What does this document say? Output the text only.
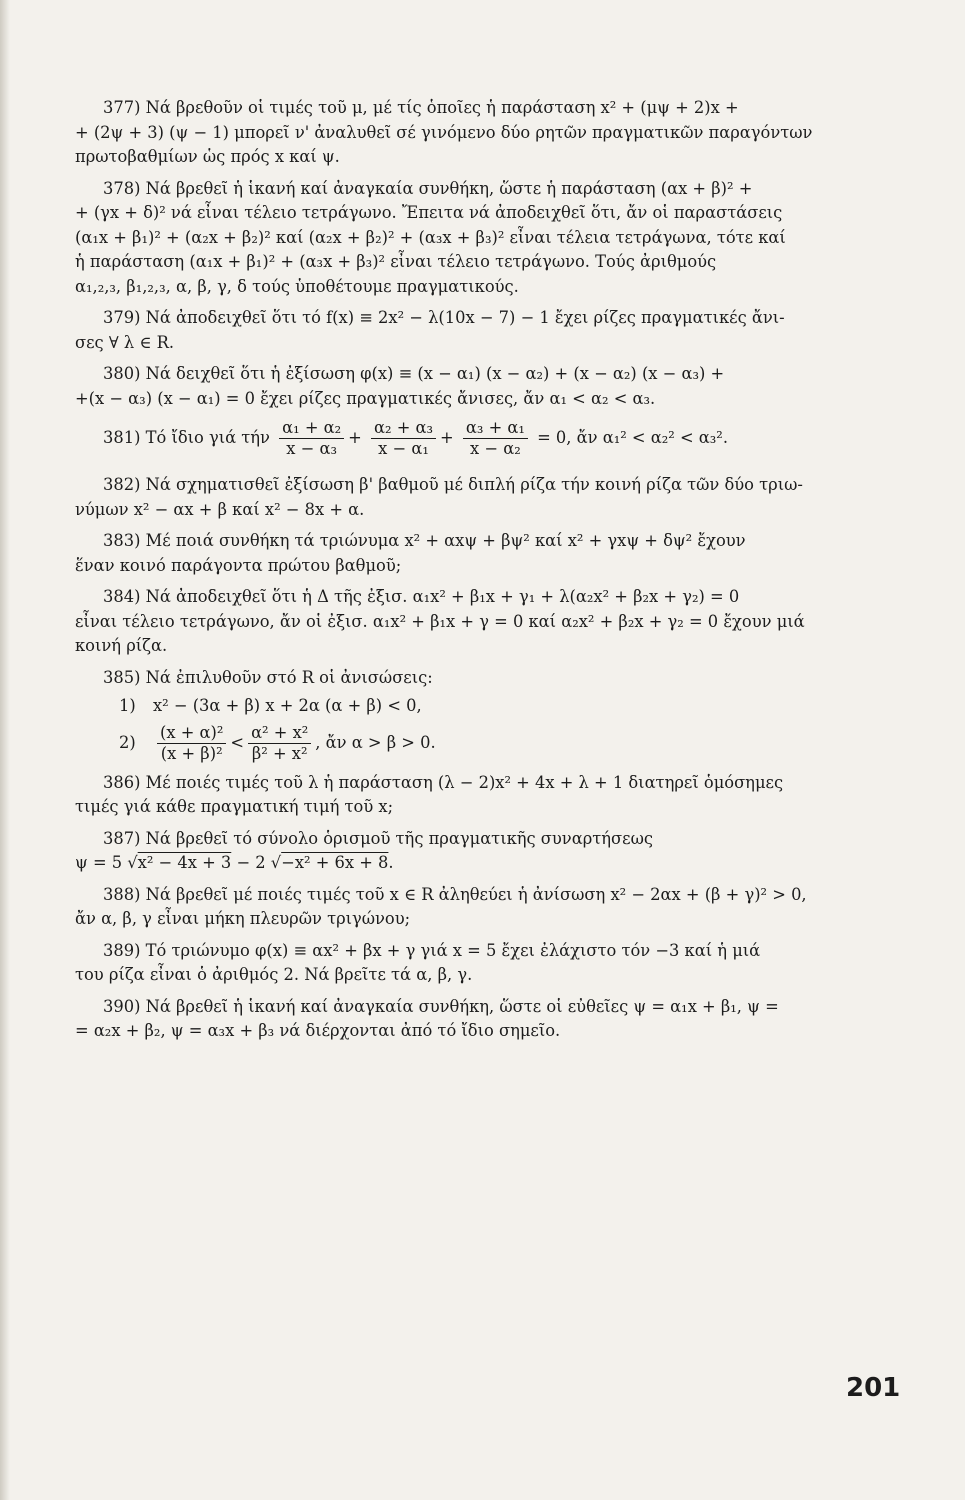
377) Νά βρεθοῦν οἱ τιμές τοῦ μ, μέ τίς ὁποῖες ἡ παράσταση x² + (μψ + 2)x +
+ (2ψ + 3) (ψ − 1) μπορεῖ ν' ἀναλυθεῖ σέ γινόμενο δύο ρητῶν πραγματικῶν παραγόντων
πρωτοβαθμίων ὡς πρός x καί ψ.
378) Νά βρεθεῖ ἡ ἱκανή καί ἀναγκαία συνθήκη, ὥστε ἡ παράσταση (αx + β)² +
+ (γx + δ)² νά εἶναι τέλειο τετράγωνο. Ἔπειτα νά ἀποδειχθεῖ ὅτι, ἄν οἱ παραστάσεις
(α₁x + β₁)² + (α₂x + β₂)² καί (α₂x + β₂)² + (α₃x + β₃)² εἶναι τέλεια τετράγωνα, τότε καί
ἡ παράσταση (α₁x + β₁)² + (α₃x + β₃)² εἶναι τέλειο τετράγωνο. Τούς ἀριθμούς
α₁,₂,₃, β₁,₂,₃, α, β, γ, δ τούς ὑποθέτουμε πραγματικούς.
379) Νά ἀποδειχθεῖ ὅτι τό f(x) ≡ 2x² − λ(10x − 7) − 1 ἔχει ρίζες πραγματικές ἄνι-
σες ∀ λ ∈ R.
380) Νά δειχθεῖ ὅτι ἡ ἐξίσωση φ(x) ≡ (x − α₁) (x − α₂) + (x − α₂) (x − α₃) +
+(x − α₃) (x − α₁) = 0 ἔχει ρίζες πραγματικές ἄνισες, ἄν α₁ < α₂ < α₃.
381) Τό ἴδιο γιά τήν $\frac{\text{α₁ + α₂}}{\text{x − α₃}} + \frac{\text{α₂ + α₃}}{\text{x − α₁}} + \frac{\text{α₃ + α₁}}{\text{x − α₂}} = 0$, ἄν α₁² < α₂² < α₃².
382) Νά σχηματισθεῖ ἐξίσωση β' βαθμοῦ μέ διπλή ρίζα τήν κοινή ρίζα τῶν δύο τριω-
νύμων x² − αx + β καί x² − 8x + α.
383) Μέ ποιά συνθήκη τά τριώνυμα x² + αxψ + βψ² καί x² + γxψ + δψ² ἔχουν
ἕναν κοινό παράγοντα πρώτου βαθμοῦ;
384) Νά ἀποδειχθεῖ ὅτι ἡ Δ τῆς ἐξισ. α₁x² + β₁x + γ₁ + λ(α₂x² + β₂x + γ₂) = 0
εἶναι τέλειο τετράγωνο, ἄν οἱ ἐξισ. α₁x² + β₁x + γ = 0 καί α₂x² + β₂x + γ₂ = 0 ἔχουν μιά
κοινή ρίζα.
385) Νά ἐπιλυθοῦν στό R οἱ ἀνισώσεις:
1)	x² − (3α + β) x + 2α (α + β) < 0,
2)	$\frac{\text{(x + α)²}}{\text{(x + β)²}} < \frac{\text{α² + x²}}{\text{β² + x²}}$ , ἄν α > β > 0.
386) Μέ ποιές τιμές τοῦ λ ἡ παράσταση (λ − 2)x² + 4x + λ + 1 διατηρεῖ ὁμόσημες
τιμές γιά κάθε πραγματική τιμή τοῦ x;
387) Νά βρεθεῖ τό σύνολο ὁρισμοῦ τῆς πραγματικῆς συναρτήσεως
ψ = 5 √x² − 4x + 3 − 2 √−x² + 6x + 8.
388) Νά βρεθεῖ μέ ποιές τιμές τοῦ x ∈ R ἀληθεύει ἡ ἀνίσωση x² − 2αx + (β + γ)² > 0,
ἄν α, β, γ εἶναι μήκη πλευρῶν τριγώνου;
389) Τό τριώνυμο φ(x) ≡ αx² + βx + γ γιά x = 5 ἔχει ἐλάχιστο τόν −3 καί ἡ μιά
του ρίζα εἶναι ὁ ἀριθμός 2. Νά βρεῖτε τά α, β, γ.
390) Νά βρεθεῖ ἡ ἱκανή καί ἀναγκαία συνθήκη, ὥστε οἱ εὐθεῖες ψ = α₁x + β₁, ψ =
= α₂x + β₂, ψ = α₃x + β₃ νά διέρχονται ἀπό τό ἴδιο σημεῖο.
201
